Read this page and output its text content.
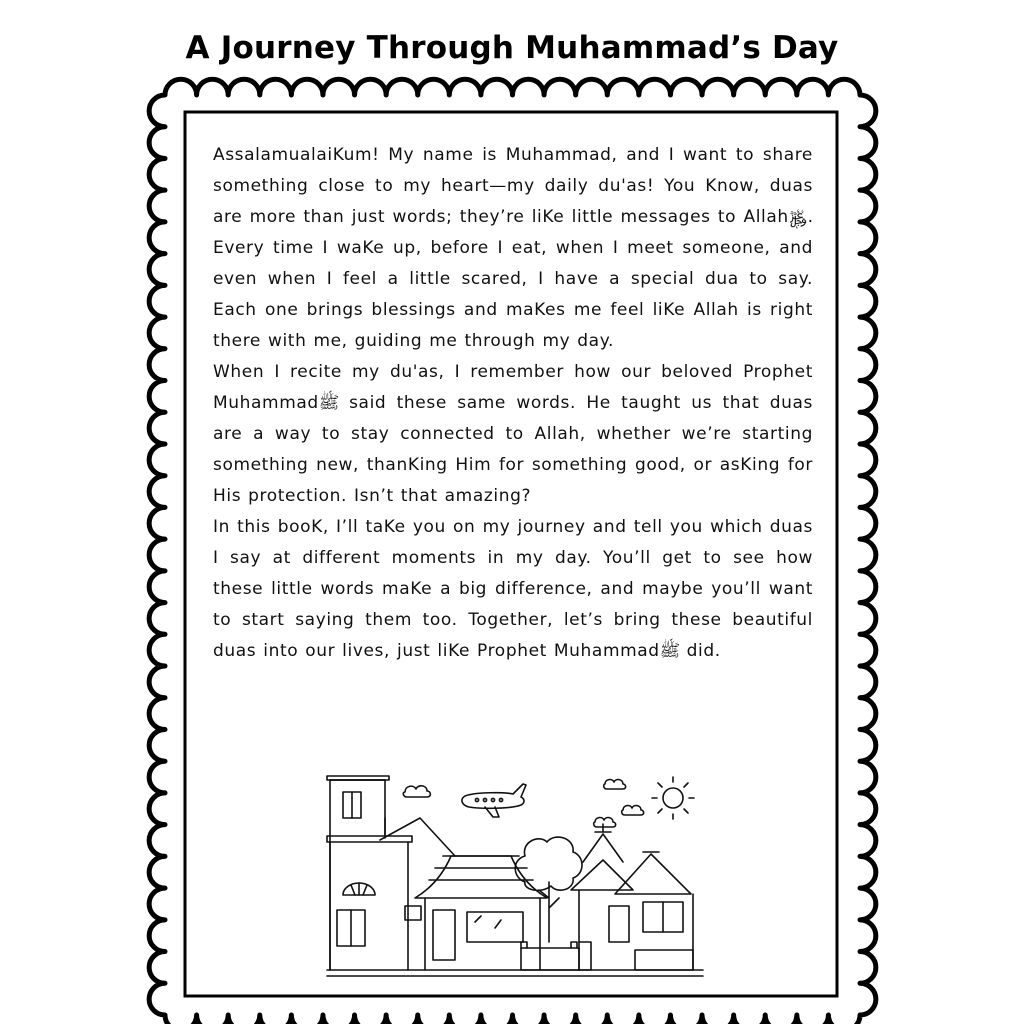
A Journey Through Muhammad’s Day

AssalamualaiKum! My name is Muhammad, and I want to share something close to my heart—my daily du'as! You Know, duas are more than just words; they’re liKe little messages to Allah﷿. Every time I waKe up, before I eat, when I meet someone, and even when I feel a little scared, I have a special dua to say. Each one brings blessings and maKes me feel liKe Allah is right there with me, guiding me through my day.

When I recite my du'as, I remember how our beloved Prophet Muhammadﷺ said these same words. He taught us that duas are a way to stay connected to Allah, whether we’re starting something new, thanKing Him for something good, or asKing for His protection. Isn’t that amazing?

In this booK, I’ll taKe you on my journey and tell you which duas I say at different moments in my day. You’ll get to see how these little words maKe a big difference, and maybe you’ll want to start saying them too. Together, let’s bring these beautiful duas into our lives, just liKe Prophet Muhammadﷺ did.
